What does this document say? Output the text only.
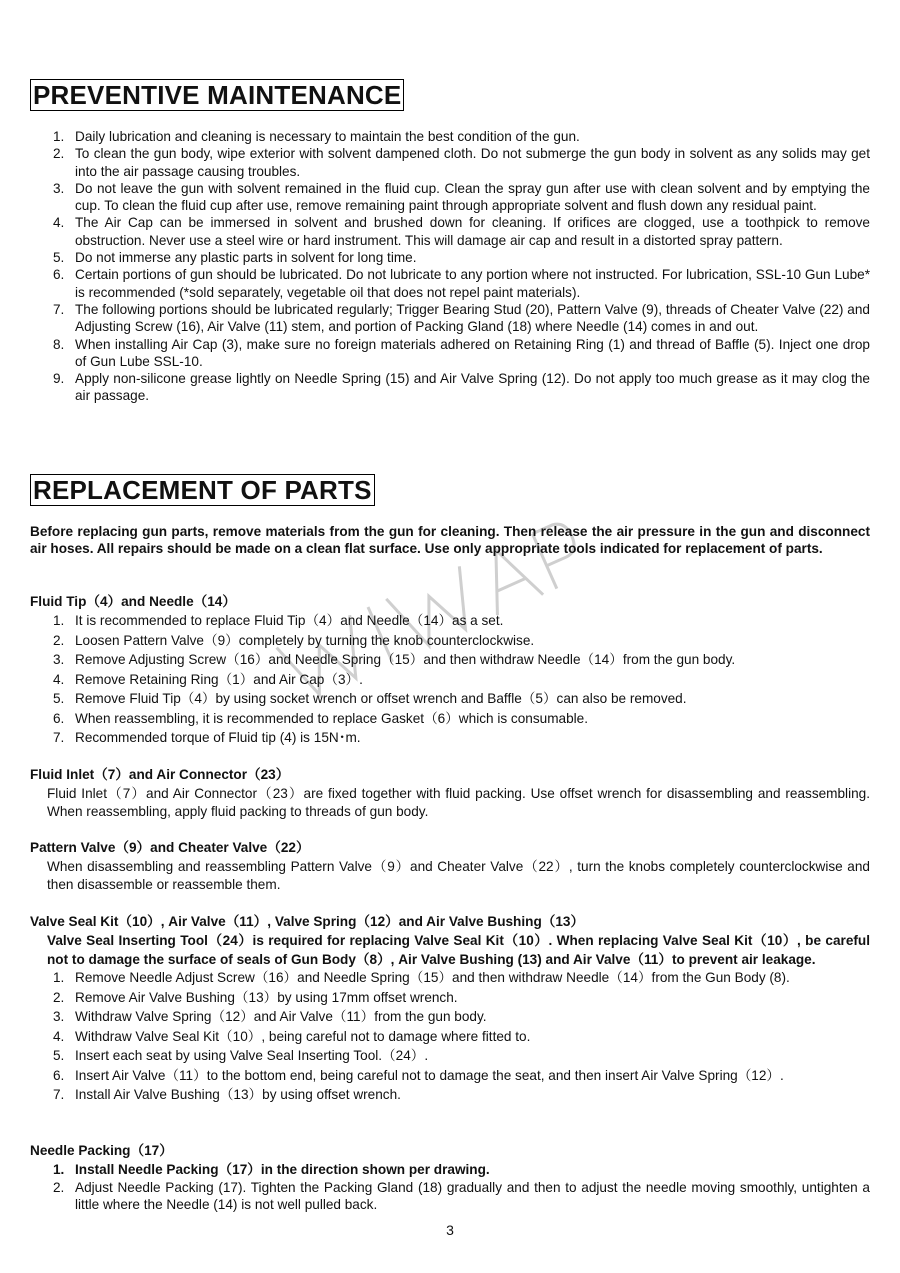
PREVENTIVE MAINTENANCE
1. Daily lubrication and cleaning is necessary to maintain the best condition of the gun.
2. To clean the gun body, wipe exterior with solvent dampened cloth. Do not submerge the gun body in solvent as any solids may get into the air passage causing troubles.
3. Do not leave the gun with solvent remained in the fluid cup. Clean the spray gun after use with clean solvent and by emptying the cup. To clean the fluid cup after use, remove remaining paint through appropriate solvent and flush down any residual paint.
4. The Air Cap can be immersed in solvent and brushed down for cleaning. If orifices are clogged, use a toothpick to remove obstruction. Never use a steel wire or hard instrument. This will damage air cap and result in a distorted spray pattern.
5. Do not immerse any plastic parts in solvent for long time.
6. Certain portions of gun should be lubricated. Do not lubricate to any portion where not instructed. For lubrication, SSL-10 Gun Lube* is recommended (*sold separately, vegetable oil that does not repel paint materials).
7. The following portions should be lubricated regularly; Trigger Bearing Stud (20), Pattern Valve (9), threads of Cheater Valve (22) and Adjusting Screw (16), Air Valve (11) stem, and portion of Packing Gland (18) where Needle (14) comes in and out.
8. When installing Air Cap (3), make sure no foreign materials adhered on Retaining Ring (1) and thread of Baffle (5). Inject one drop of Gun Lube SSL-10.
9. Apply non-silicone grease lightly on Needle Spring (15) and Air Valve Spring (12). Do not apply too much grease as it may clog the air passage.
REPLACEMENT OF PARTS
Before replacing gun parts, remove materials from the gun for cleaning. Then release the air pressure in the gun and disconnect air hoses. All repairs should be made on a clean flat surface. Use only appropriate tools indicated for replacement of parts.
Fluid Tip（4）and Needle（14）
1. It is recommended to replace Fluid Tip（4）and Needle（14）as a set.
2. Loosen Pattern Valve（9）completely by turning the knob counterclockwise.
3. Remove Adjusting Screw（16）and Needle Spring（15）and then withdraw Needle（14）from the gun body.
4. Remove Retaining Ring（1）and Air Cap（3）.
5. Remove Fluid Tip（4）by using socket wrench or offset wrench and Baffle（5）can also be removed.
6. When reassembling, it is recommended to replace Gasket（6）which is consumable.
7. Recommended torque of Fluid tip (4) is 15N･m.
Fluid Inlet（7）and Air Connector（23）
Fluid Inlet（7）and Air Connector（23）are fixed together with fluid packing. Use offset wrench for disassembling and reassembling. When reassembling, apply fluid packing to threads of gun body.
Pattern Valve（9）and Cheater Valve（22）
When disassembling and reassembling Pattern Valve（9）and Cheater Valve（22）, turn the knobs completely counterclockwise and then disassemble or reassemble them.
Valve Seal Kit（10）, Air Valve（11）, Valve Spring（12）and Air Valve Bushing（13）
Valve Seal Inserting Tool（24）is required for replacing Valve Seal Kit（10）. When replacing Valve Seal Kit（10）, be careful not to damage the surface of seals of Gun Body（8）, Air Valve Bushing (13) and Air Valve（11）to prevent air leakage.
1. Remove Needle Adjust Screw（16）and Needle Spring（15）and then withdraw Needle（14）from the Gun Body (8).
2. Remove Air Valve Bushing（13）by using 17mm offset wrench.
3. Withdraw Valve Spring（12）and Air Valve（11）from the gun body.
4. Withdraw Valve Seal Kit（10）, being careful not to damage where fitted to.
5. Insert each seat by using Valve Seal Inserting Tool.（24）.
6. Insert Air Valve（11）to the bottom end, being careful not to damage the seat, and then insert Air Valve Spring（12）.
7. Install Air Valve Bushing（13）by using offset wrench.
Needle Packing（17）
1. Install Needle Packing（17）in the direction shown per drawing.
2. Adjust Needle Packing (17). Tighten the Packing Gland (18) gradually and then to adjust the needle moving smoothly, untighten a little where the Needle (14) is not well pulled back.
3
